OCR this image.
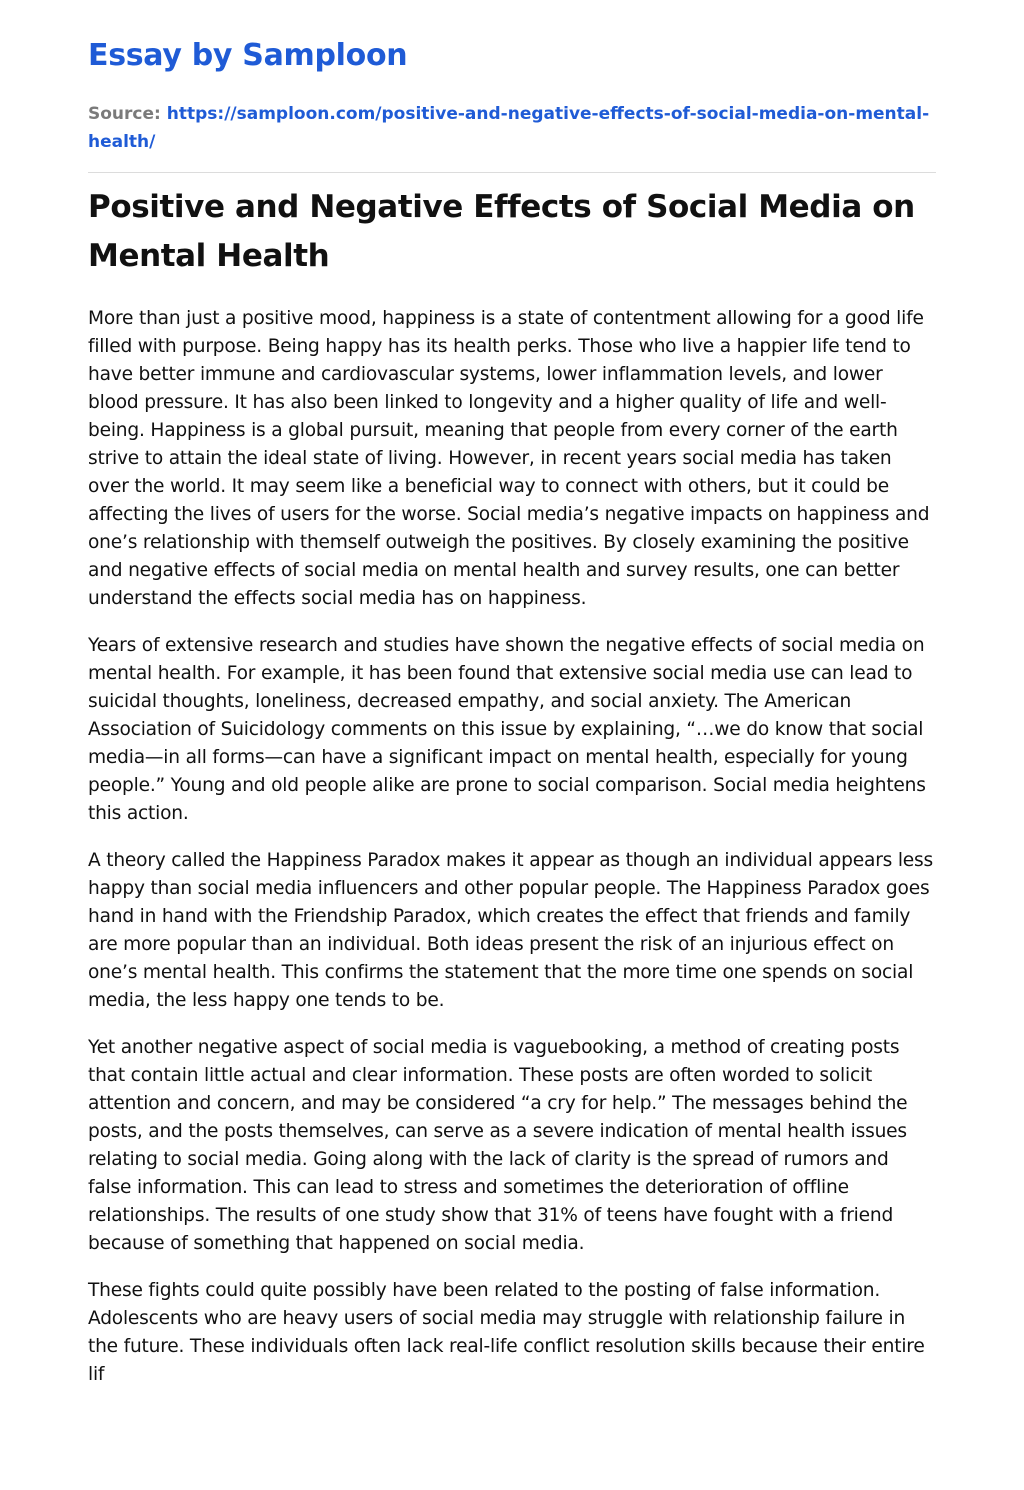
Essay by Samploon
Source: https://samploon.com/positive-and-negative-effects-of-social-media-on-mental-health/
Positive and Negative Effects of Social Media on Mental Health

More than just a positive mood, happiness is a state of contentment allowing for a good life filled with purpose. Being happy has its health perks. Those who live a happier life tend to have better immune and cardiovascular systems, lower inflammation levels, and lower blood pressure. It has also been linked to longevity and a higher quality of life and well-being. Happiness is a global pursuit, meaning that people from every corner of the earth strive to attain the ideal state of living. However, in recent years social media has taken over the world. It may seem like a beneficial way to connect with others, but it could be affecting the lives of users for the worse. Social media’s negative impacts on happiness and one’s relationship with themself outweigh the positives. By closely examining the positive and negative effects of social media on mental health and survey results, one can better understand the effects social media has on happiness.

Years of extensive research and studies have shown the negative effects of social media on mental health. For example, it has been found that extensive social media use can lead to suicidal thoughts, loneliness, decreased empathy, and social anxiety. The American Association of Suicidology comments on this issue by explaining, “…we do know that social media—in all forms—can have a significant impact on mental health, especially for young people.” Young and old people alike are prone to social comparison. Social media heightens this action.

A theory called the Happiness Paradox makes it appear as though an individual appears less happy than social media influencers and other popular people. The Happiness Paradox goes hand in hand with the Friendship Paradox, which creates the effect that friends and family are more popular than an individual. Both ideas present the risk of an injurious effect on one’s mental health. This confirms the statement that the more time one spends on social media, the less happy one tends to be.

Yet another negative aspect of social media is vaguebooking, a method of creating posts that contain little actual and clear information. These posts are often worded to solicit attention and concern, and may be considered “a cry for help.” The messages behind the posts, and the posts themselves, can serve as a severe indication of mental health issues relating to social media. Going along with the lack of clarity is the spread of rumors and false information. This can lead to stress and sometimes the deterioration of offline relationships. The results of one study show that 31% of teens have fought with a friend because of something that happened on social media.

These fights could quite possibly have been related to the posting of false information. Adolescents who are heavy users of social media may struggle with relationship failure in the future. These individuals often lack real-life conflict resolution skills because their entire lif
